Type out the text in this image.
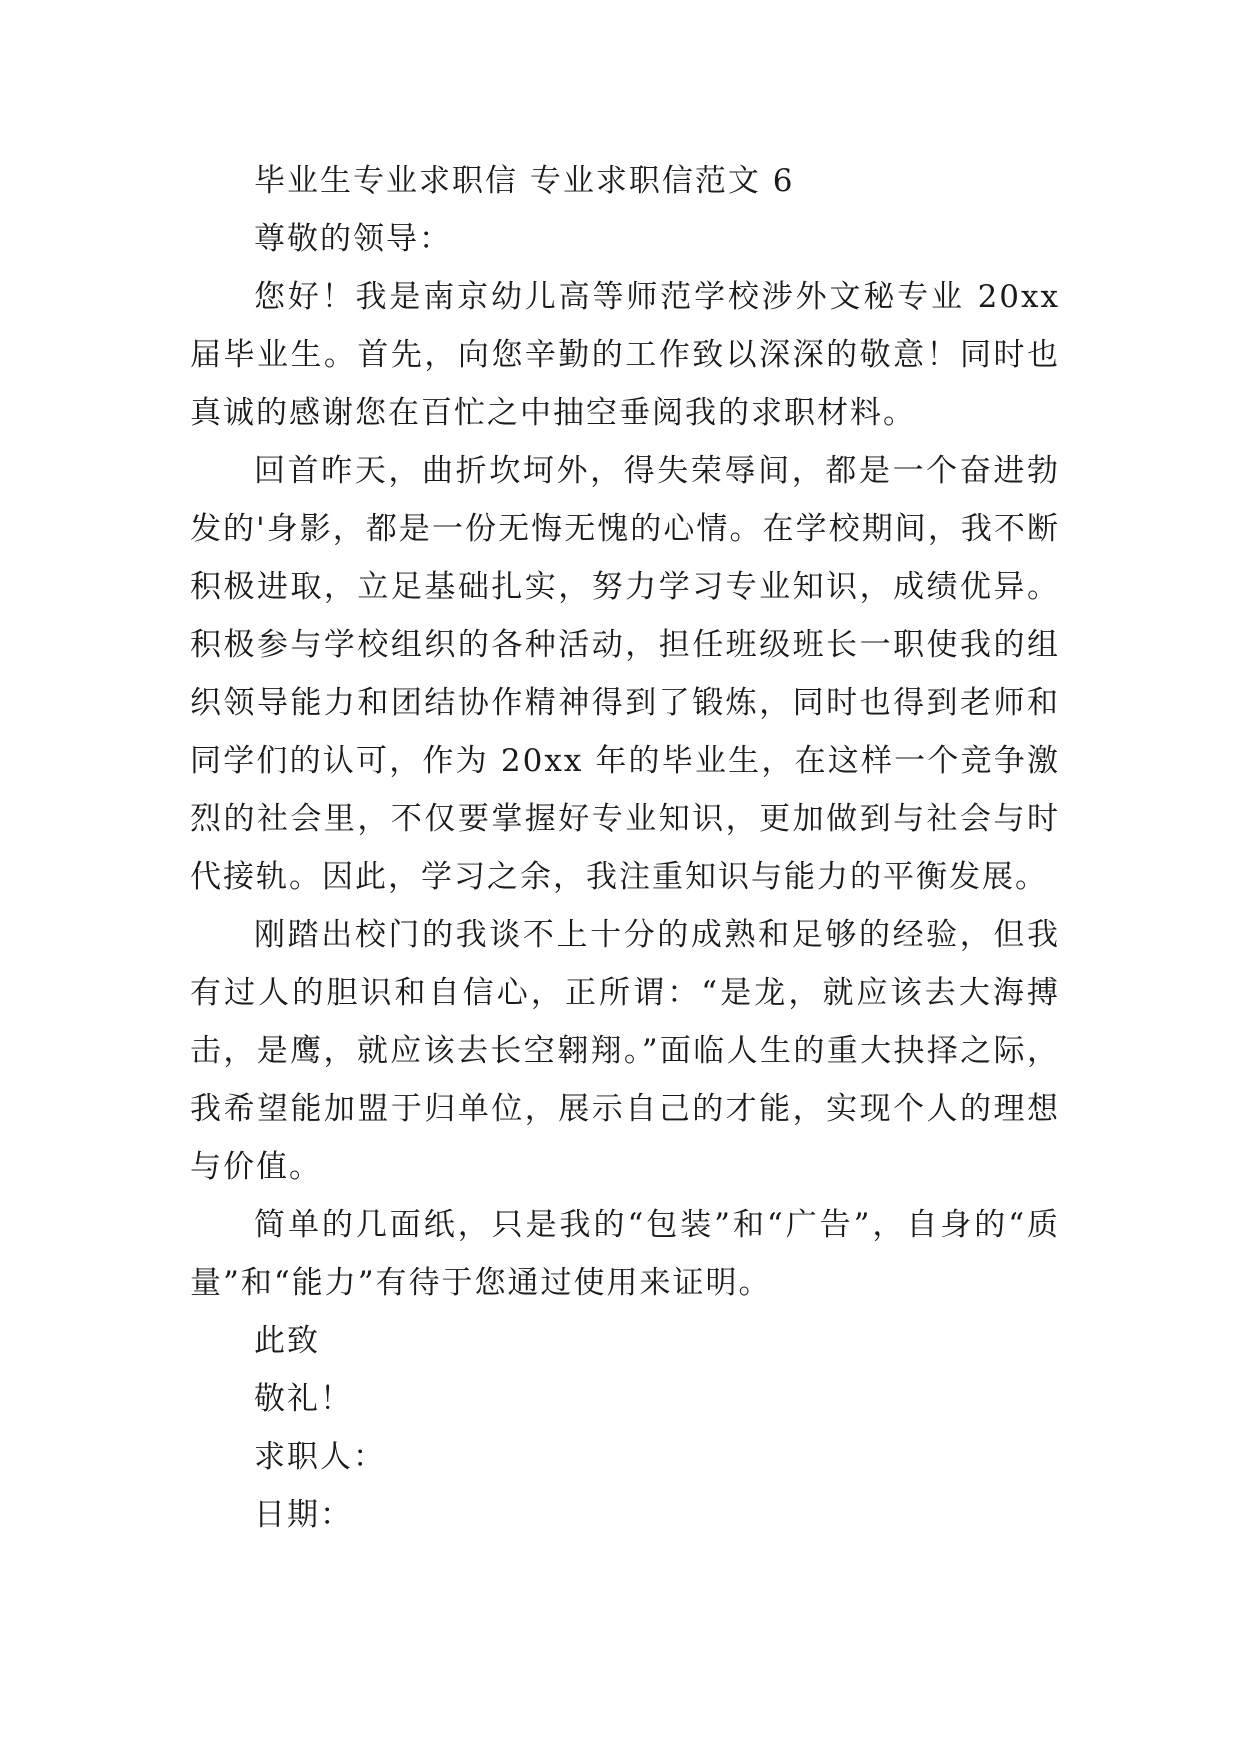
毕业生专业求职信 专业求职信范文 6
尊敬的领导：
您好！我是南京幼儿高等师范学校涉外文秘专业 20xx 届毕业生。首先，向您辛勤的工作致以深深的敬意！同时也真诚的感谢您在百忙之中抽空垂阅我的求职材料。
回首昨天，曲折坎坷外，得失荣辱间，都是一个奋进勃发的'身影，都是一份无悔无愧的心情。在学校期间，我不断积极进取，立足基础扎实，努力学习专业知识，成绩优异。积极参与学校组织的各种活动，担任班级班长一职使我的组织领导能力和团结协作精神得到了锻炼，同时也得到老师和同学们的认可，作为 20xx 年的毕业生，在这样一个竞争激烈的社会里，不仅要掌握好专业知识，更加做到与社会与时代接轨。因此，学习之余，我注重知识与能力的平衡发展。
刚踏出校门的我谈不上十分的成熟和足够的经验，但我有过人的胆识和自信心，正所谓：“是龙，就应该去大海搏击，是鹰，就应该去长空翱翔。”面临人生的重大抉择之际，我希望能加盟于归单位，展示自己的才能，实现个人的理想与价值。
简单的几面纸，只是我的“包装”和“广告”，自身的“质量”和“能力”有待于您通过使用来证明。
此致
敬礼！
求职人：
日期：
